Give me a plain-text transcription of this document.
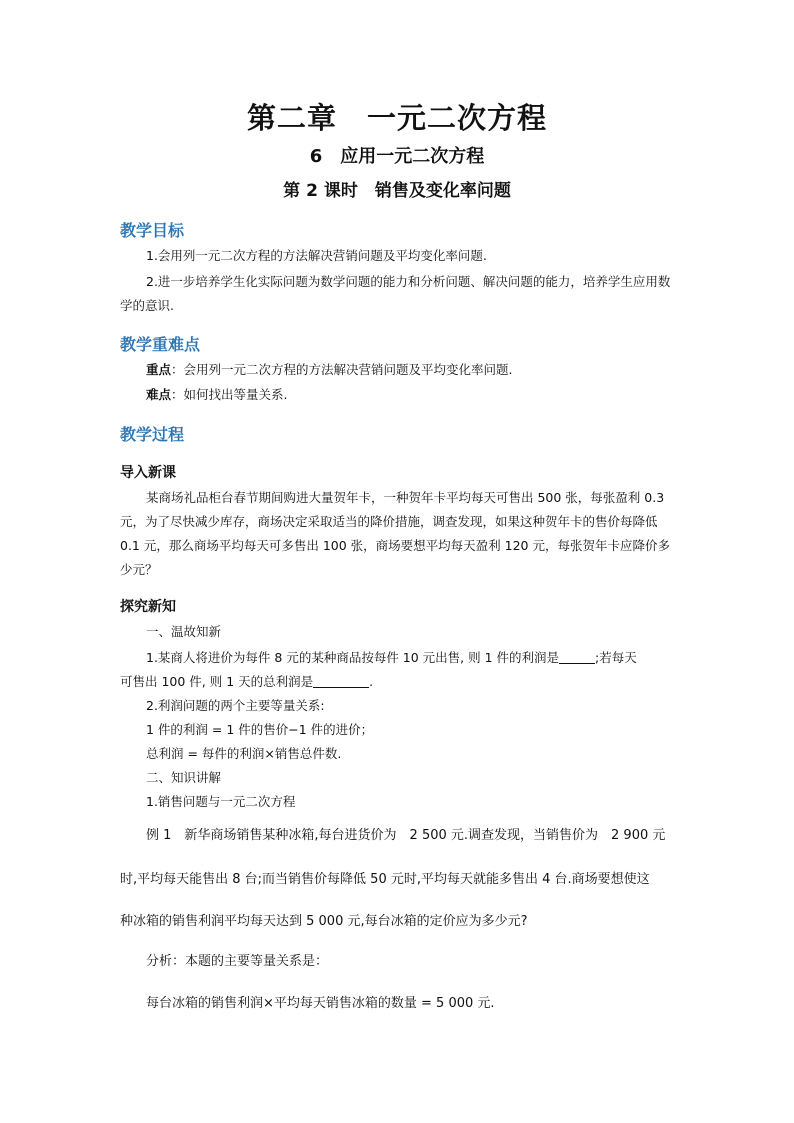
第二章　一元二次方程
6　应用一元二次方程
第 2 课时　销售及变化率问题
教学目标
1.会用列一元二次方程的方法解决营销问题及平均变化率问题.
2.进一步培养学生化实际问题为数学问题的能力和分析问题、解决问题的能力，培养学生应用数学的意识.
教学重难点
重点：会用列一元二次方程的方法解决营销问题及平均变化率问题.
难点：如何找出等量关系.
教学过程
导入新课
某商场礼品柜台春节期间购进大量贺年卡，一种贺年卡平均每天可售出 500 张，每张盈利 0.3 元，为了尽快减少库存，商场决定采取适当的降价措施，调查发现，如果这种贺年卡的售价每降低 0.1 元，那么商场平均每天可多售出 100 张，商场要想平均每天盈利 120 元，每张贺年卡应降价多少元？
探究新知
一、温故知新
1.某商人将进价为每件 8 元的某种商品按每件 10 元出售, 则 1 件的利润是	;若每天
可售出 100 件, 则 1 天的总利润是	.
2.利润问题的两个主要等量关系:
1 件的利润 = 1 件的售价−1 件的进价；
总利润 = 每件的利润×销售总件数.
二、知识讲解
1.销售问题与一元二次方程
例 1　新华商场销售某种冰箱,每台进货价为　2 500 元.调查发现，当销售价为　2 900 元
时,平均每天能售出 8 台;而当销售价每降低 50 元时,平均每天就能多售出 4 台.商场要想使这
种冰箱的销售利润平均每天达到 5 000 元,每台冰箱的定价应为多少元?
分析：本题的主要等量关系是：
每台冰箱的销售利润×平均每天销售冰箱的数量 = 5 000 元.
